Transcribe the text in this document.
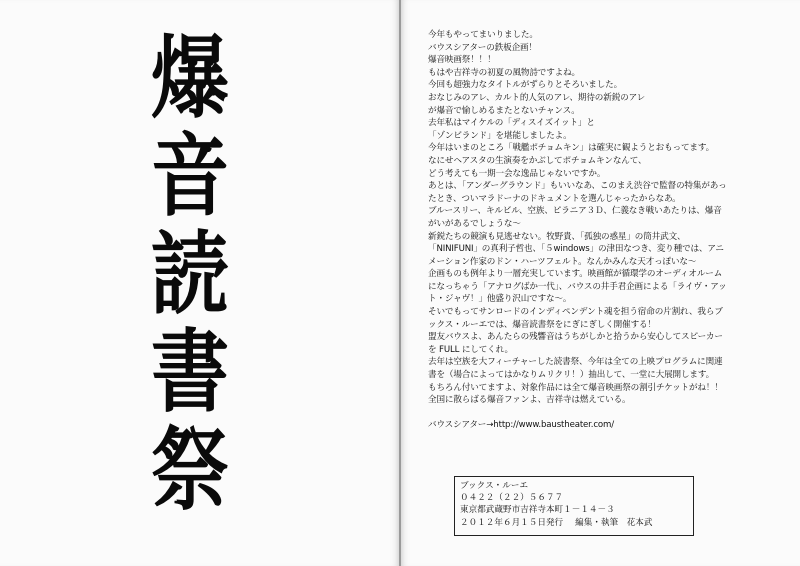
爆
音
読
書
祭
今年もやってまいりました。
バウスシアターの鉄板企画！
爆音映画祭！！！
もはや吉祥寺の初夏の風物詩ですよね。
今回も超強力なタイトルがずらりとそろいました。
おなじみのアレ、カルト的人気のアレ、期待の新鋭のアレ
が爆音で愉しめるまたとないチャンス。
去年私はマイケルの「ディスイズイット」と
「ゾンビランド」を堪能しましたよ。
今年はいまのところ「戦艦ポチョムキン」は確実に観ようとおもってます。
なにせヘアスタの生演奏をかぶしてポチョムキンなんて、
どう考えても一期一会な逸品じゃないですか。
あとは、「アンダーグラウンド」もいいなあ、このまえ渋谷で監督の特集があっ
たとき、ついマラドーナのドキュメントを選んじゃったからなあ。
ブルースリー、キルビル、空族、ピラニア３Ｄ、仁義なき戦いあたりは、爆音
がいがあるでしょうな～
新鋭たちの競演も見逃せない。牧野貴、「孤独の惑星」の筒井武文、
「NINIFUNI」の真利子哲也、「５windows」の津田なつき、変り種では、アニ
メーション作家のドン・ハーツフェルト。なんかみんな天才っぽいな～
企画ものも例年より一層充実しています。映画館が循環学のオーディオルーム
になっちゃう「アナログばか一代」、バウスの井手君企画による「ライヴ・アッ
ト・ジャヴ！」他盛り沢山ですな～。
そいでもってサンロードのインディペンデント魂を担う宿命の片割れ、我らブ
ックス・ルーエでは、爆音読書祭をにぎにぎしく開催する！
盟友バウスよ、あんたらの残響音はうちがしかと拾うから安心してスピーカー
を FULL にしてくれ。
去年は空族を大フィーチャーした読書祭、今年は全ての上映プログラムに関連
書を（場合によってはかなりムリクリ！）抽出して、一堂に大展開します。
もちろん付いてますよ、対象作品には全て爆音映画祭の割引チケットがね！！
全国に散らばる爆音ファンよ、吉祥寺は燃えている。
バウスシアター→http://www.baustheater.com/
ブックス・ルーエ
０４２２（２２）５６７７
東京都武蔵野市吉祥寺本町１－１４－３
２０１２年６月１５日発行 編集・執筆　花本武
